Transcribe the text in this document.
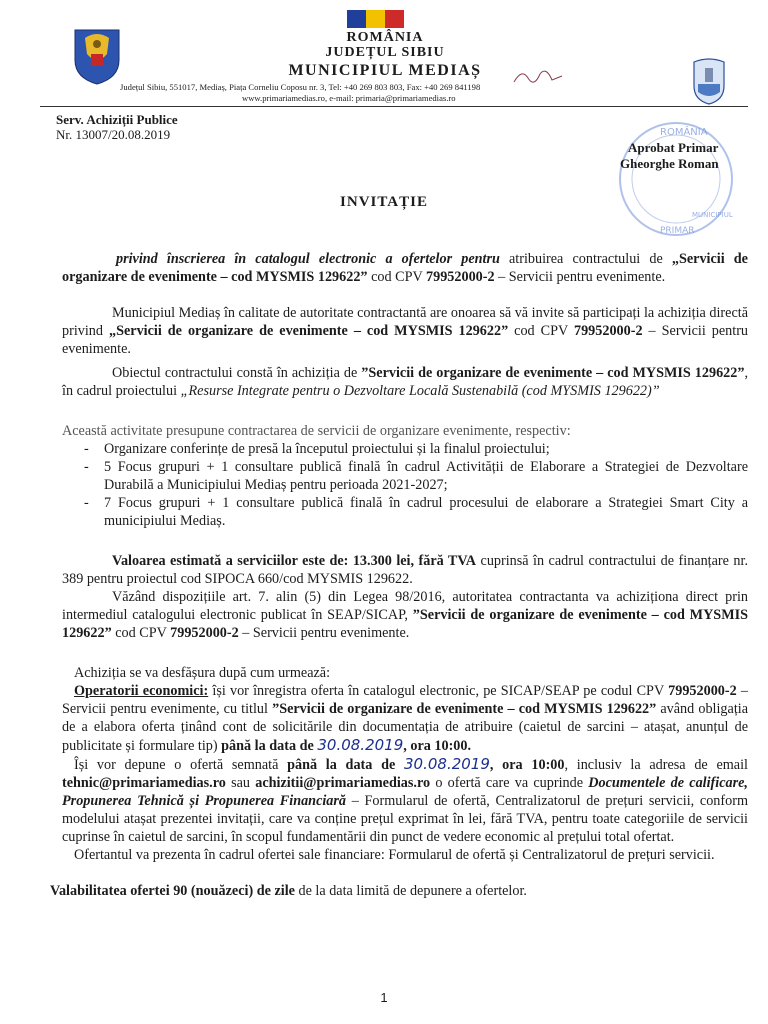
ROMÂNIA
JUDEȚUL SIBIU
MUNICIPIUL MEDIAȘ
Județul Sibiu, 551017, Mediaș, Piața Corneliu Coposu nr. 3, Tel: +40 269 803 803, Fax: +40 269 841198
www.primariamedias.ro, e-mail: primaria@primariamedias.ro
Serv. Achiziții Publice
Nr. 13007/20.08.2019	ROMÂNIA
MUNICIPIUL
PRIMAR
Aprobat Primar
Gheorghe Roman
INVITAȚIE

privind înscrierea în catalogul electronic a ofertelor pentru atribuirea contractului de „Servicii de organizare de evenimente – cod MYSMIS 129622” cod CPV 79952000-2 – Servicii pentru evenimente.

Municipiul Mediaș în calitate de autoritate contractantă are onoarea să vă invite să participați la achiziția directă privind „Servicii de organizare de evenimente – cod MYSMIS 129622” cod CPV 79952000-2 – Servicii pentru evenimente.

Obiectul contractului constă în achiziția de ”Servicii de organizare de evenimente – cod MYSMIS 129622”, în cadrul proiectului „Resurse Integrate pentru o Dezvoltare Locală Sustenabilă (cod MYSMIS 129622)”

Această activitate presupune contractarea de servicii de organizare evenimente, respectiv:

- Organizare conferințe de presă la începutul proiectului și la finalul proiectului;
- 5 Focus grupuri + 1 consultare publică finală în cadrul Activității de Elaborare a Strategiei de Dezvoltare Durabilă a Municipiului Mediaș pentru perioada 2021-2027;
- 7 Focus grupuri + 1 consultare publică finală în cadrul procesului de elaborare a Strategiei Smart City a municipiului Mediaș.

Valoarea estimată a serviciilor este de: 13.300 lei, fără TVA cuprinsă în cadrul contractului de finanțare nr. 389 pentru proiectul cod SIPOCA 660/cod MYSMIS 129622.

Văzând dispozițiile art. 7. alin (5) din Legea 98/2016, autoritatea contractanta va achiziționa direct prin intermediul catalogului electronic publicat în SEAP/SICAP, ”Servicii de organizare de evenimente – cod MYSMIS 129622” cod CPV 79952000-2 – Servicii pentru evenimente.

Achiziția se va desfășura după cum urmează:

Operatorii economici: își vor înregistra oferta în catalogul electronic, pe SICAP/SEAP pe codul CPV 79952000-2 – Servicii pentru evenimente, cu titlul ”Servicii de organizare de evenimente – cod MYSMIS 129622” având obligația de a elabora oferta ținând cont de solicitările din documentația de atribuire (caietul de sarcini – atașat, anunțul de publicitate și formulare tip) până la data de 30.08.2019, ora 10:00.

Își vor depune o ofertă semnată până la data de 30.08.2019, ora 10:00, inclusiv la adresa de email tehnic@primariamedias.ro sau achizitii@primariamedias.ro o ofertă care va cuprinde Documentele de calificare, Propunerea Tehnică și Propunerea Financiară – Formularul de ofertă, Centralizatorul de prețuri servicii, conform modelului atașat prezentei invitații, care va conține prețul exprimat în lei, fără TVA, pentru toate categoriile de servicii cuprinse în caietul de sarcini, în scopul fundamentării din punct de vedere economic al prețului total ofertat.

Ofertantul va prezenta în cadrul ofertei sale financiare: Formularul de ofertă și Centralizatorul de prețuri servicii.

Valabilitatea ofertei 90 (nouăzeci) de zile de la data limită de depunere a ofertelor.

1
